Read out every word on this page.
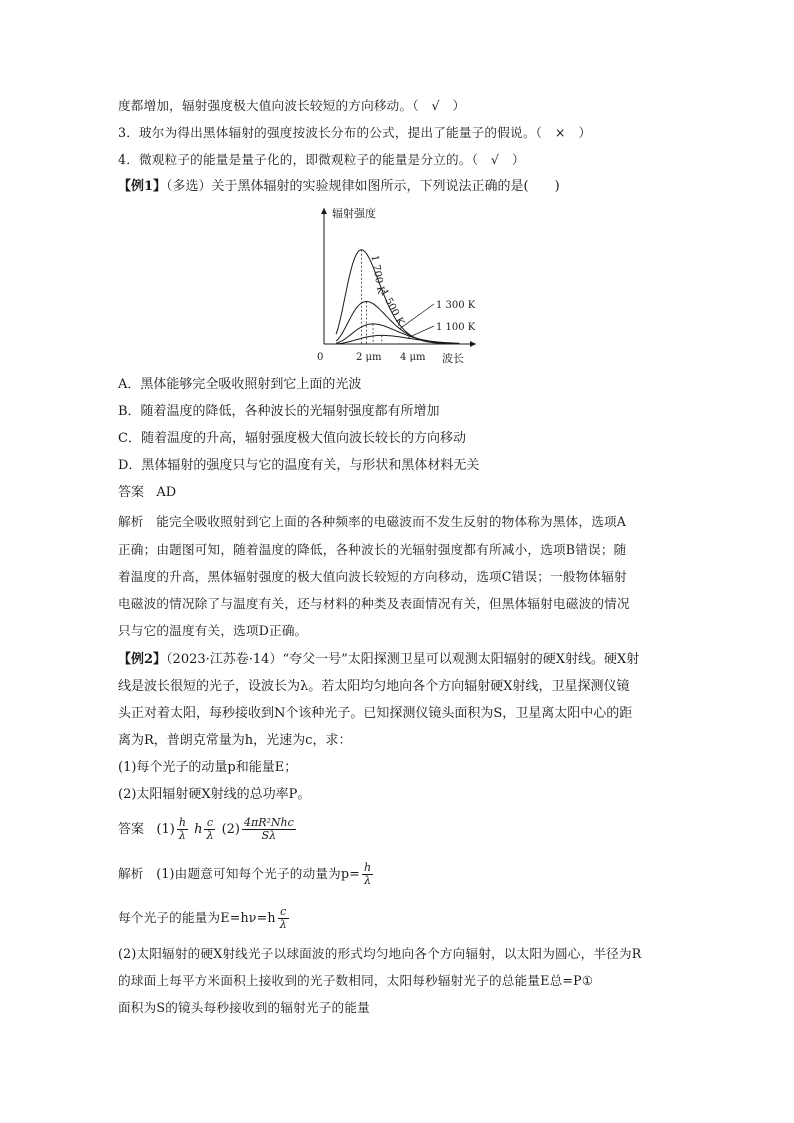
度都增加，辐射强度极大值向波长较短的方向移动。（　√　）
3．玻尔为得出黑体辐射的强度按波长分布的公式，提出了能量子的假说。（　×　）
4．微观粒子的能量是量子化的，即微观粒子的能量是分立的。（　√　）
【例1】（多选）关于黑体辐射的实验规律如图所示，下列说法正确的是(　　)
辐射强度
0	波长
2 μm 4 μm
1 700 K
1 500 K	1 300 K
1 100 K
A．黑体能够完全吸收照射到它上面的光波
B．随着温度的降低，各种波长的光辐射强度都有所增加
C．随着温度的升高，辐射强度极大值向波长较长的方向移动
D．黑体辐射的强度只与它的温度有关，与形状和黑体材料无关
答案 AD
解析 能完全吸收照射到它上面的各种频率的电磁波而不发生反射的物体称为黑体，选项A
正确；由题图可知，随着温度的降低，各种波长的光辐射强度都有所减小，选项B错误；随
着温度的升高，黑体辐射强度的极大值向波长较短的方向移动，选项C错误；一般物体辐射
电磁波的情况除了与温度有关，还与材料的种类及表面情况有关，但黑体辐射电磁波的情况
只与它的温度有关，选项D正确。
【例2】（2023·江苏卷·14）“夸父一号”太阳探测卫星可以观测太阳辐射的硬X射线。硬X射
线是波长很短的光子，设波长为λ。若太阳均匀地向各个方向辐射硬X射线，卫星探测仪镜
头正对着太阳，每秒接收到N个该种光子。已知探测仪镜头面积为S，卫星离太阳中心的距
离为R，普朗克常量为h，光速为c，求：
(1)每个光子的动量p和能量E；
(2)太阳辐射硬X射线的总功率P。
答案 $(1) \frac{h}{\lambda}$ h $\frac{c}{\lambda} (2) \frac{\text{4πR²Nhc}}{S\lambda}$
解析 (1)由题意可知每个光子的动量为$p= \frac{h}{\lambda}$
每个光子的能量为$E=h\nu=h \frac{c}{\lambda}$
(2)太阳辐射的硬X射线光子以球面波的形式均匀地向各个方向辐射，以太阳为圆心，半径为R
的球面上每平方米面积上接收到的光子数相同，太阳每秒辐射光子的总能量E总=P①
面积为S的镜头每秒接收到的辐射光子的能量
